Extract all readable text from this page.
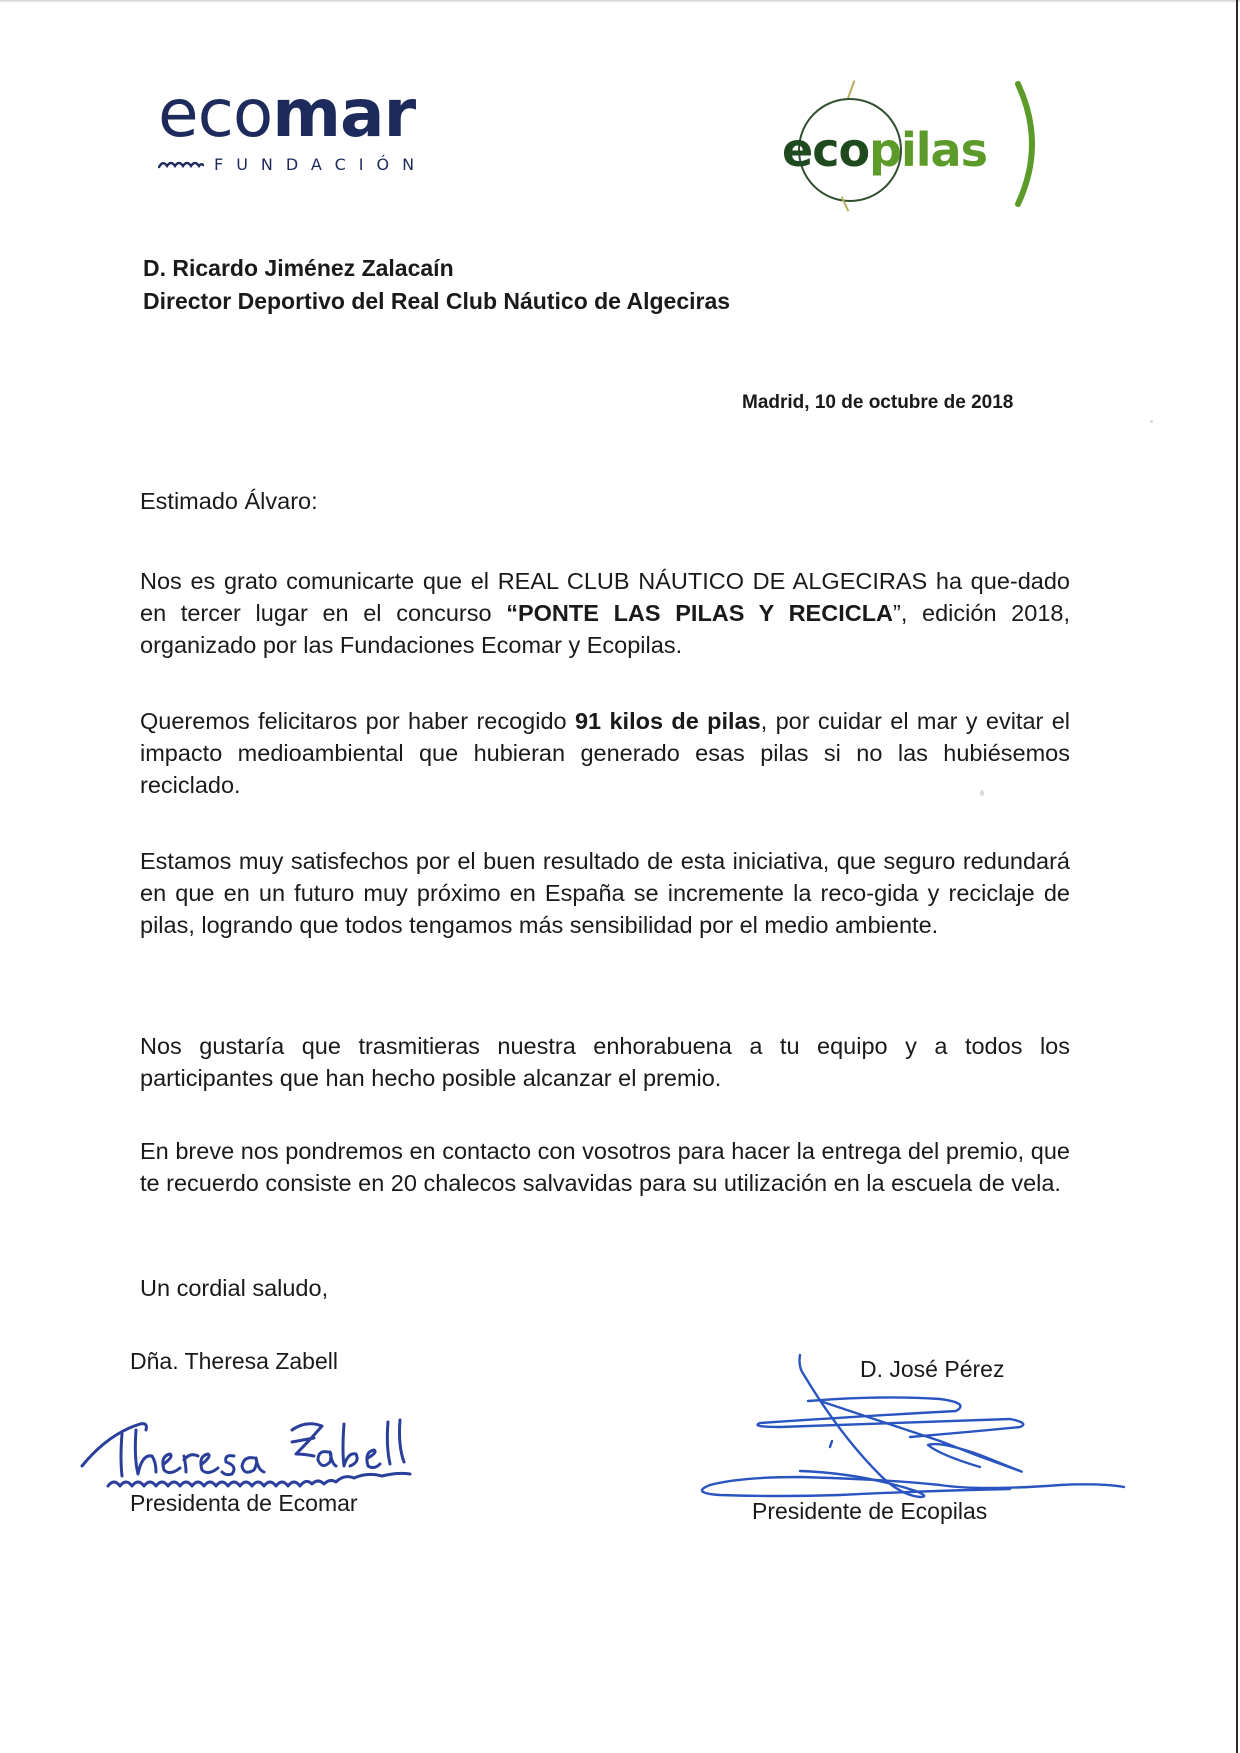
ecomar
FUNDACIÓN	ecopilas
D. Ricardo Jiménez Zalacaín
Director Deportivo del Real Club Náutico de Algeciras
Madrid, 10 de octubre de 2018
Estimado Álvaro:
Nos es grato comunicarte que el REAL CLUB NÁUTICO DE ALGECIRAS ha que-dado en tercer lugar en el concurso “PONTE LAS PILAS Y RECICLA”, edición 2018, organizado por las Fundaciones Ecomar y Ecopilas.
Queremos felicitaros por haber recogido 91 kilos de pilas, por cuidar el mar y evitar el impacto medioambiental que hubieran generado esas pilas si no las hubiésemos reciclado.
Estamos muy satisfechos por el buen resultado de esta iniciativa, que seguro redundará en que en un futuro muy próximo en España se incremente la reco-gida y reciclaje de pilas, logrando que todos tengamos más sensibilidad por el medio ambiente.
Nos gustaría que trasmitieras nuestra enhorabuena a tu equipo y a todos los participantes que han hecho posible alcanzar el premio.
En breve nos pondremos en contacto con vosotros para hacer la entrega del premio, que te recuerdo consiste en 20 chalecos salvavidas para su utilización en la escuela de vela.
Un cordial saludo,
Dña. Theresa Zabell
Presidenta de Ecomar
D. José Pérez
Presidente de Ecopilas
